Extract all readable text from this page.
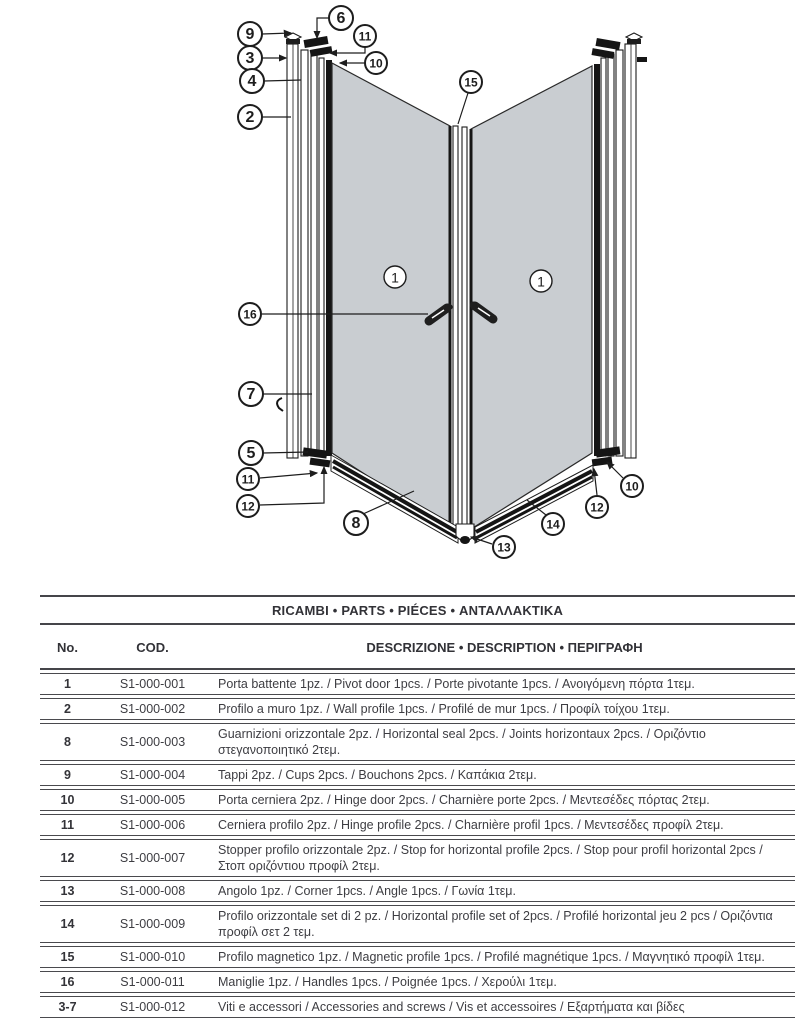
6
9
3
4
2
11
10
15
1	1
16
7
5
11
12
8
13
14
12
10
RICAMBI • PARTS • PIÉCES • ΑΝΤΑΛΛΑΚΤΙΚΑ
No.	COD.	DESCRIZIONE • DESCRIPTION • ΠΕΡΙΓΡΑΦΗ
1	S1-000-001	Porta battente 1pz. / Pivot door 1pcs. / Porte pivotante 1pcs. / Ανοιγόμενη πόρτα 1τεμ.
2	S1-000-002	Profilo a muro 1pz. / Wall profile 1pcs. / Profilé de mur 1pcs. / Προφίλ τοίχου 1τεμ.
8	S1-000-003
Guarnizioni orizzontale 2pz. / Horizontal seal 2pcs. / Joints horizontaux 2pcs. / Οριζόντιο στεγανοποιητικό 2τεμ.
9	S1-000-004	Tappi 2pz. / Cups 2pcs. / Bouchons 2pcs. / Καπάκια 2τεμ.
10	S1-000-005	Porta cerniera 2pz. / Hinge door 2pcs. / Charnière porte 2pcs. / Μεντεσέδες πόρτας 2τεμ.
11	S1-000-006	Cerniera profilo 2pz. / Hinge profile 2pcs. / Charnière profil 1pcs. / Μεντεσέδες προφίλ 2τεμ.
12	S1-000-007
Stopper profilo orizzontale 2pz. / Stop for horizontal profile 2pcs. / Stop pour profil horizontal 2pcs / Στοπ οριζόντιου προφίλ 2τεμ.
13	S1-000-008	Angolo 1pz. / Corner 1pcs. / Angle 1pcs. / Γωνία 1τεμ.
14	S1-000-009
Profilo orizzontale set di 2 pz. / Horizontal profile set of 2pcs. / Profilé horizontal jeu 2 pcs / Οριζόντια προφίλ σετ 2 τεμ.
15	S1-000-010	Profilo magnetico 1pz. / Magnetic profile 1pcs. / Profilé magnétique 1pcs. / Μαγνητικό προφίλ 1τεμ.
16	S1-000-011	Maniglie 1pz. / Handles 1pcs. / Poignée 1pcs. / Χερούλι 1τεμ.
3-7	S1-000-012	Viti e accessori / Accessories and screws / Vis et accessoires / Εξαρτήματα και βίδες
